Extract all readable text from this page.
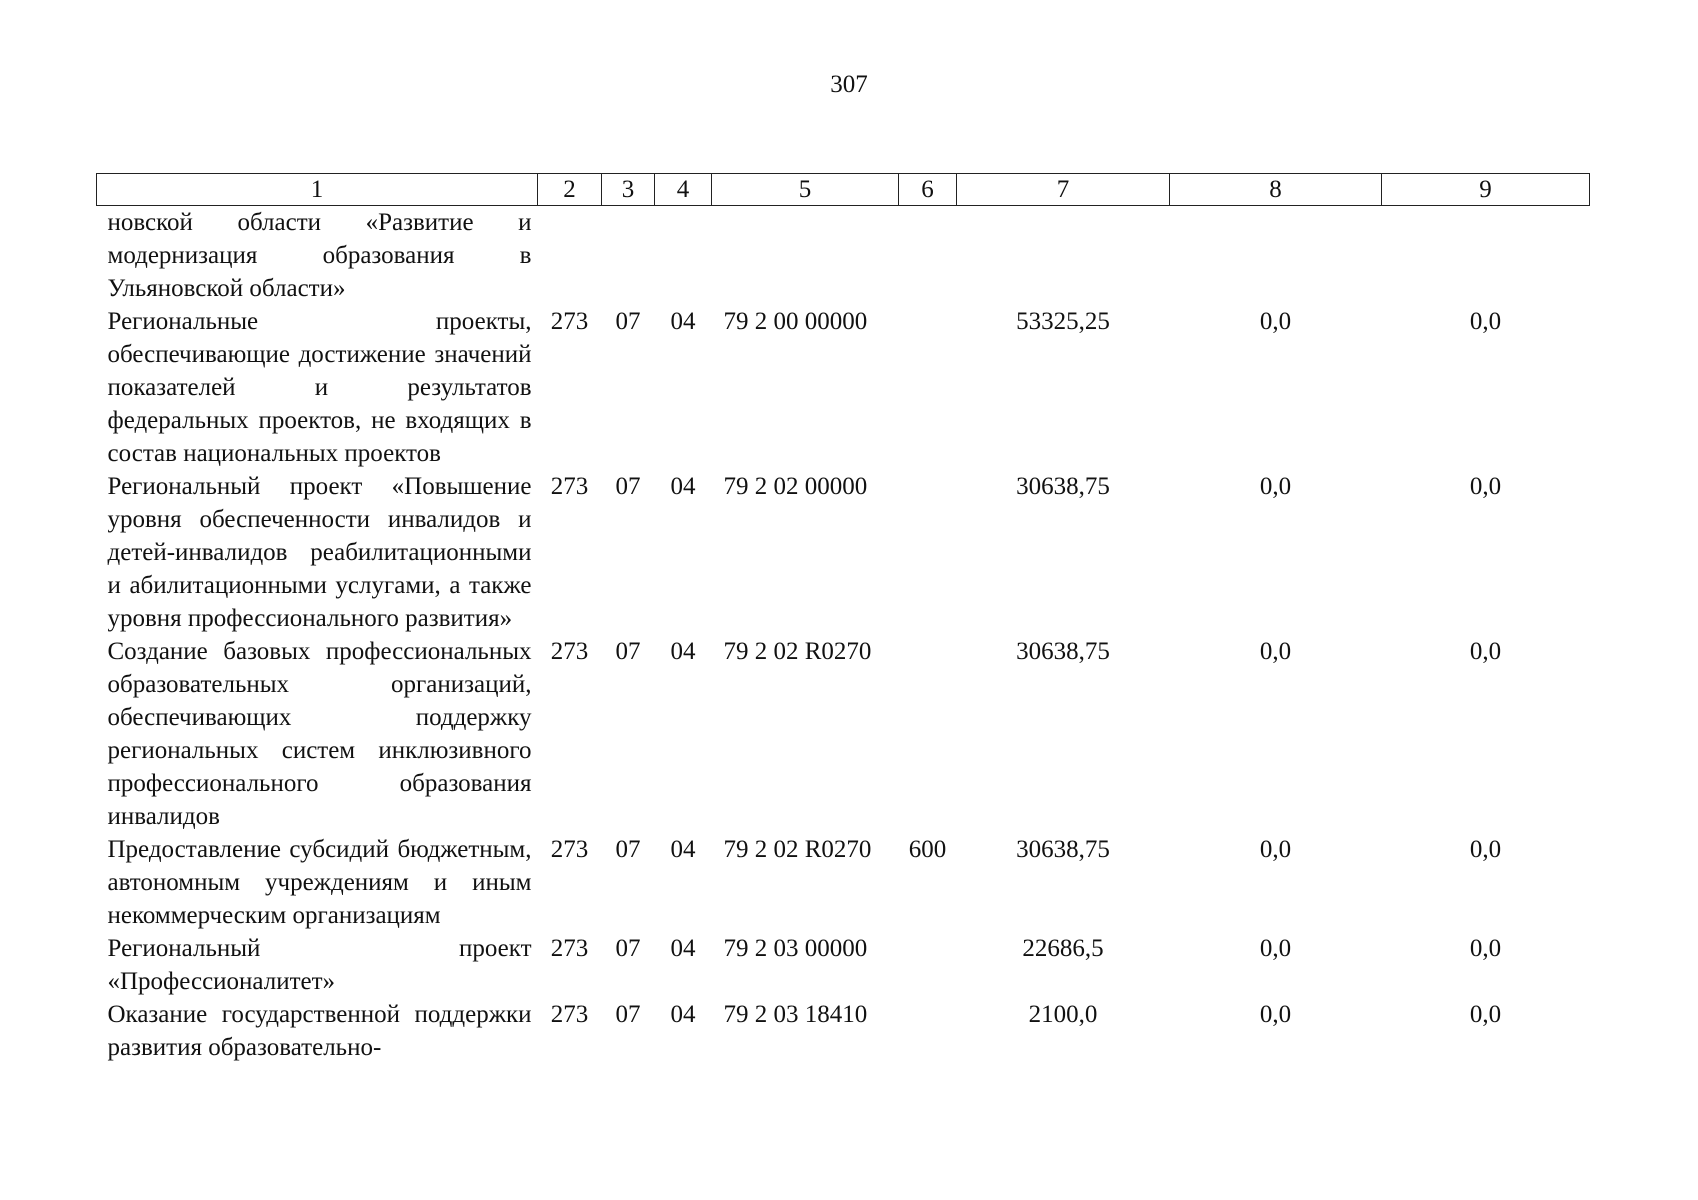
307
1	2	3	4	5	6	7	8	9
новской области «Развитие и модернизация образования в Ульяновской области»								
Региональные проекты, обеспечивающие достижение значений показателей и результатов федеральных проектов, не входящих в состав национальных проектов	273	07	04	79 2 00 00000		53325,25	0,0	0,0
Региональный проект «Повышение уровня обеспеченности инвалидов и детей-инвалидов реабилитационными и абилитационными услугами, а также уровня профессионального развития»	273	07	04	79 2 02 00000		30638,75	0,0	0,0
Создание базовых профессиональных образовательных организаций, обеспечивающих поддержку региональных систем инклюзивного профессионального образования инвалидов	273	07	04	79 2 02 R0270		30638,75	0,0	0,0
Предоставление субсидий бюджетным, автономным учреждениям и иным некоммерческим организациям	273	07	04	79 2 02 R0270	600	30638,75	0,0	0,0
Региональный проект «Профессионалитет»	273	07	04	79 2 03 00000		22686,5	0,0	0,0
Оказание государственной поддержки развития образовательно-	273	07	04	79 2 03 18410		2100,0	0,0	0,0
